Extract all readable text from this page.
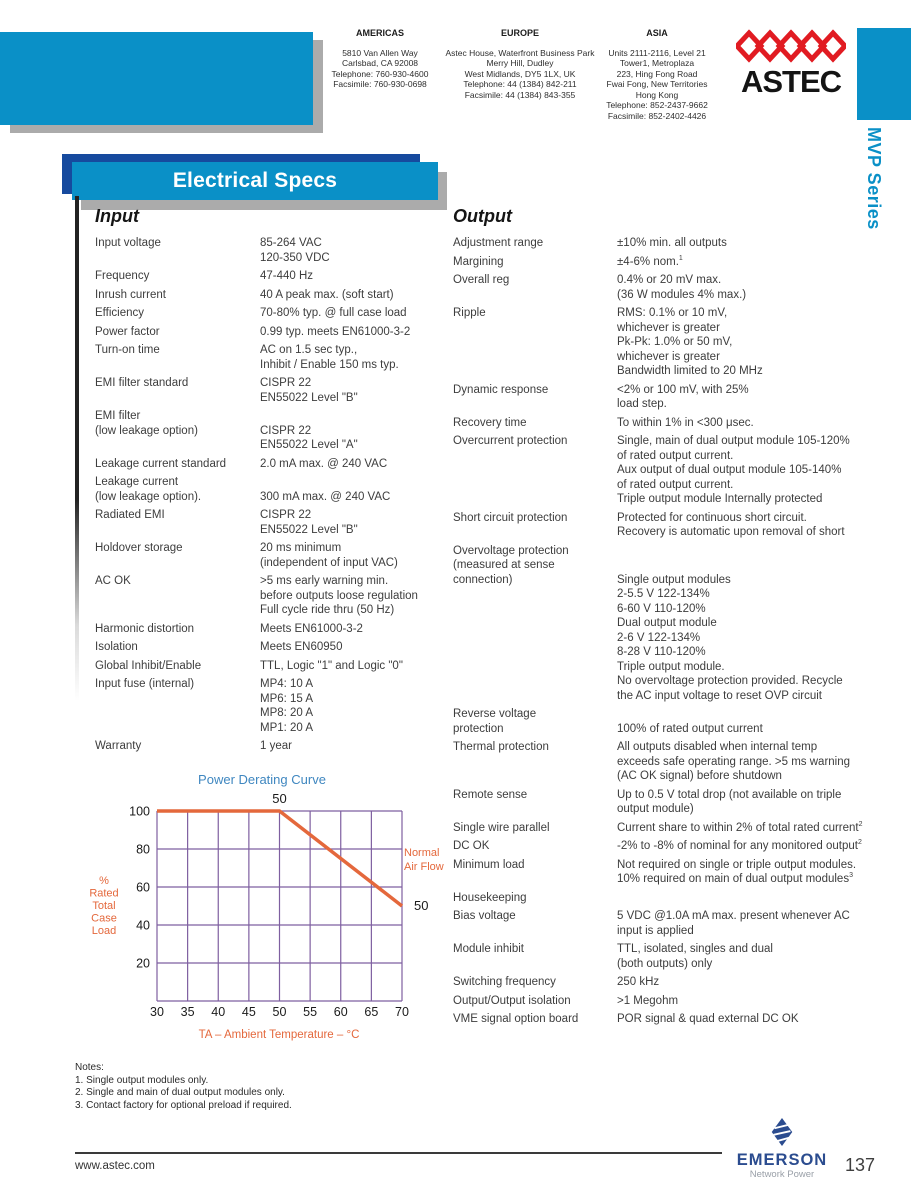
AMERICAS
5810 Van Allen Way
Carlsbad, CA 92008
Telephone: 760-930-4600
Facsimile: 760-930-0698
EUROPE
Astec House, Waterfront Business Park
Merry Hill, Dudley
West Midlands, DY5 1LX, UK
Telephone: 44 (1384) 842-211
Facsimile: 44 (1384) 843-355
ASIA
Units 2111-2116, Level 21
Tower1, Metroplaza
223, Hing Fong Road
Fwai Fong, New Territories
Hong Kong
Telephone: 852-2437-9662
Facsimile: 852-2402-4426
ASTEC
MVP Series
Electrical Specs
Input
Input voltage	85-264 VAC
120-350 VDC
Frequency	47-440 Hz
Inrush current	40 A peak max. (soft start)
Efficiency	70-80% typ. @ full case load
Power factor	0.99 typ. meets EN61000-3-2
Turn-on time	AC on 1.5 sec typ.,
Inhibit / Enable 150 ms typ.
EMI filter standard	CISPR 22
EN55022 Level "B"
EMI filter
(low leakage option)	CISPR 22
EN55022 Level "A"
Leakage current standard	2.0 mA max. @ 240 VAC
Leakage current
(low leakage option).	300 mA max. @ 240 VAC
Radiated EMI	CISPR 22
EN55022 Level "B"
Holdover storage	20 ms minimum
(independent of input VAC)
AC OK	>5 ms early warning min.
before outputs loose regulation
Full cycle ride thru (50 Hz)
Harmonic distortion	Meets EN61000-3-2
Isolation	Meets EN60950
Global Inhibit/Enable	TTL, Logic "1" and Logic "0"
Input fuse (internal)	MP4: 10 A
MP6: 15 A
MP8: 20 A
MP1: 20 A
Warranty	1 year
Output
Adjustment range	±10% min. all outputs
Margining	±4-6% nom.$^1$
Overall reg	0.4% or 20 mV max.
(36 W modules 4% max.)
Ripple	RMS: 0.1% or 10 mV,
whichever is greater
Pk-Pk: 1.0% or 50 mV,
whichever is greater
Bandwidth limited to 20 MHz
Dynamic response	<2% or 100 mV, with 25%
load step.
Recovery time	To within 1% in <300 μsec.
Overcurrent protection	Single, main of dual output module 105-120%
of rated output current.
Aux output of dual output module 105-140%
of rated output current.
Triple output module Internally protected
Short circuit protection	Protected for continuous short circuit.
Recovery is automatic upon removal of short
Overvoltage protection
(measured at sense
connection)	Single output modules
2-5.5 V 122-134%
6-60 V 110-120%
Dual output module
2-6 V 122-134%
8-28 V 110-120%
Triple output module.
No overvoltage protection provided. Recycle
the AC input voltage to reset OVP circuit
Reverse voltage
protection	100% of rated output current
Thermal protection	All outputs disabled when internal temp
exceeds safe operating range. >5 ms warning
(AC OK signal) before shutdown
Remote sense	Up to 0.5 V total drop (not available on triple
output module)
Single wire parallel	Current share to within 2% of total rated current$^2$
DC OK	-2% to -8% of nominal for any monitored output$^2$
Minimum load	Not required on single or triple output modules.
10% required on main of dual output modules$^3$
Housekeeping
Bias voltage	5 VDC @1.0A mA max. present whenever AC
input is applied
Module inhibit	TTL, isolated, singles and dual
(both outputs) only
Switching frequency	250 kHz
Output/Output isolation	>1 Megohm
VME signal option board	POR signal & quad external DC OK
Power Derating Curve
30 35 40 45 50 55 60 65 70
20
40
60
80
100
50
50
Normal
Air Flow
%
Rated
Total
Case
Load
TA – Ambient Temperature – °C
Notes:
1. Single output modules only.
2. Single and main of dual output modules only.
3. Contact factory for optional preload if required.
www.astec.com	EMERSON
Network Power	137
